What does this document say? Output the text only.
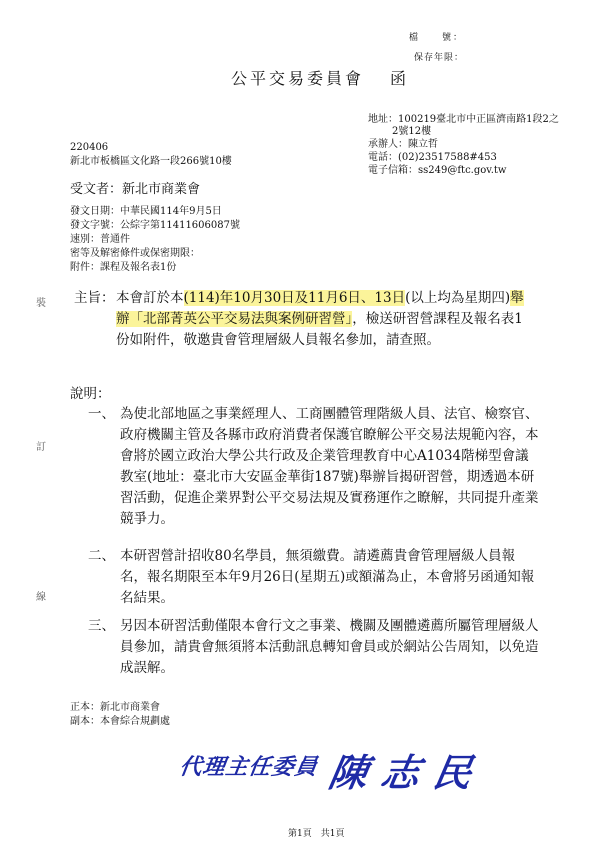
檔　　號：
保存年限：
公平交易委員會 函
地址：100219臺北市中正區濟南路1段2之
2號12樓
承辦人：陳立哲
電話：(02)23517588#453
電子信箱：ss249@ftc.gov.tw
220406
新北市板橋區文化路一段266號10樓
受文者：新北市商業會
發文日期：中華民國114年9月5日
發文字號：公綜字第1141160608​7號
速別：普通件
密等及解密條件或保密期限：
附件：課程及報名表1份
裝
訂
線
主旨： 本會訂於本(114)年10月30日及11月6日、13日(以上均為星期四)舉辦「北部菁英公平交易法與案例研習營」，檢送研習營課程及報名表1份如附件，敬邀貴會管理層級人員報名參加，請查照。
說明：
一、 為使北部地區之事業經理人、工商團體管理階級人員、法官、檢察官、政府機關主管及各縣市政府消費者保護官瞭解公平交易法規範內容，本會將於國立政治大學公共行政及企業管理教育中心A1034階梯型會議教室(地址：臺北市大安區金華街187號)舉辦旨揭研習營，期透過本研習活動，促進企業界對公平交易法規及實務運作之瞭解，共同提升產業競爭力。
二、 本研習營計招收80名學員，無須繳費。請遴薦貴會管理層級人員報名，報名期限至本年9月26日(星期五)或額滿為止，本會將另函通知報名結果。
三、 另因本研習活動僅限本會行文之事業、機關及團體遴薦所屬管理層級人員參加，請貴會無須將本活動訊息轉知會員或於網站公告周知，以免造成誤解。
正本：新北市商業會
副本：本會綜合規劃處
代理主任委員 陳志民
第1頁　共1頁
